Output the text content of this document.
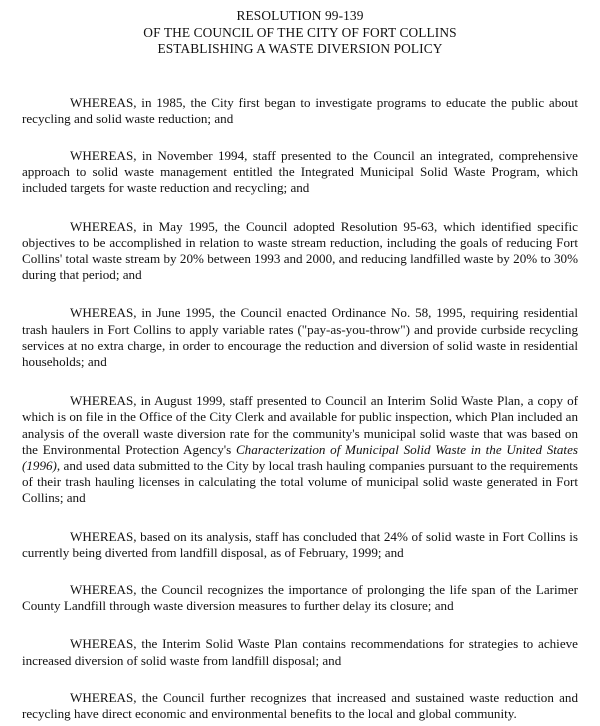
RESOLUTION 99-139
OF THE COUNCIL OF THE CITY OF FORT COLLINS
ESTABLISHING A WASTE DIVERSION POLICY

WHEREAS, in 1985, the City first began to investigate programs to educate the public about recycling and solid waste reduction; and

WHEREAS, in November 1994, staff presented to the Council an integrated, comprehensive approach to solid waste management entitled the Integrated Municipal Solid Waste Program, which included targets for waste reduction and recycling; and

WHEREAS, in May 1995, the Council adopted Resolution 95-63, which identified specific objectives to be accomplished in relation to waste stream reduction, including the goals of reducing Fort Collins' total waste stream by 20% between 1993 and 2000, and reducing landfilled waste by 20% to 30% during that period; and

WHEREAS, in June 1995, the Council enacted Ordinance No. 58, 1995, requiring residential trash haulers in Fort Collins to apply variable rates ("pay-as-you-throw") and provide curbside recycling services at no extra charge, in order to encourage the reduction and diversion of solid waste in residential households; and

WHEREAS, in August 1999, staff presented to Council an Interim Solid Waste Plan, a copy of which is on file in the Office of the City Clerk and available for public inspection, which Plan included an analysis of the overall waste diversion rate for the community's municipal solid waste that was based on the Environmental Protection Agency's Characterization of Municipal Solid Waste in the United States (1996), and used data submitted to the City by local trash hauling companies pursuant to the requirements of their trash hauling licenses in calculating the total volume of municipal solid waste generated in Fort Collins; and

WHEREAS, based on its analysis, staff has concluded that 24% of solid waste in Fort Collins is currently being diverted from landfill disposal, as of February, 1999; and

WHEREAS, the Council recognizes the importance of prolonging the life span of the Larimer County Landfill through waste diversion measures to further delay its closure; and

WHEREAS, the Interim Solid Waste Plan contains recommendations for strategies to achieve increased diversion of solid waste from landfill disposal; and

WHEREAS, the Council further recognizes that increased and sustained waste reduction and recycling have direct economic and environmental benefits to the local and global community.
